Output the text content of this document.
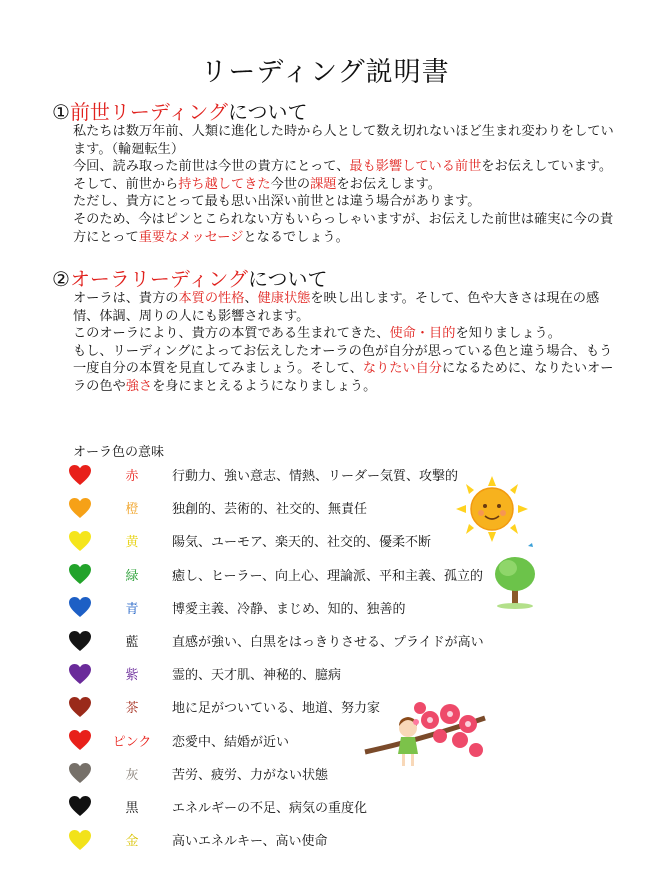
リーディング説明書
①前世リーディングについて

私たちは数万年前、人類に進化した時から人として数え切れないほど生まれ変わりをしています。（輪廻転生）

今回、読み取った前世は今世の貴方にとって、最も影響している前世をお伝えしています。

そして、前世から持ち越してきた今世の課題をお伝えします。

ただし、貴方にとって最も思い出深い前世とは違う場合があります。

そのため、今はピンとこられない方もいらっしゃいますが、お伝えした前世は確実に今の貴方にとって重要なメッセージとなるでしょう。

②オーラリーディングについて

オーラは、貴方の本質の性格、健康状態を映し出します。そして、色や大きさは現在の感情、体調、周りの人にも影響されます。

このオーラにより、貴方の本質である生まれてきた、使命・目的を知りましょう。

もし、リーディングによってお伝えしたオーラの色が自分が思っている色と違う場合、もう一度自分の本質を見直してみましょう。そして、なりたい自分になるために、なりたいオーラの色や強さを身にまとえるようになりましょう。

オーラ色の意味
赤	行動力、強い意志、情熱、リーダー気質、攻撃的
橙	独創的、芸術的、社交的、無責任
黄	陽気、ユーモア、楽天的、社交的、優柔不断
緑	癒し、ヒーラー、向上心、理論派、平和主義、孤立的
青	博愛主義、冷静、まじめ、知的、独善的
藍	直感が強い、白黒をはっきりさせる、プライドが高い
紫	霊的、天才肌、神秘的、臆病
茶	地に足がついている、地道、努力家
ピンク	恋愛中、結婚が近い
灰	苦労、疲労、力がない状態
黒	エネルギーの不足、病気の重度化
金	高いエネルキー、高い使命
